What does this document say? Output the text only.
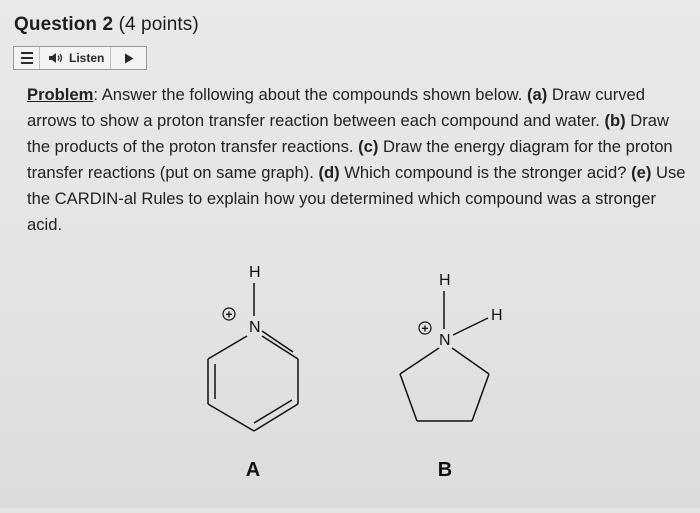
Question 2 (4 points)
Listen
Problem: Answer the following about the compounds shown below. (a) Draw curved arrows to show a proton transfer reaction between each compound and water. (b) Draw the products of the proton transfer reactions. (c) Draw the energy diagram for the proton transfer reactions (put on same graph). (d) Which compound is the stronger acid? (e) Use the CARDIN-al Rules to explain how you determined which compound was a stronger acid.
H
N
+
H
N
H
+
A	B
